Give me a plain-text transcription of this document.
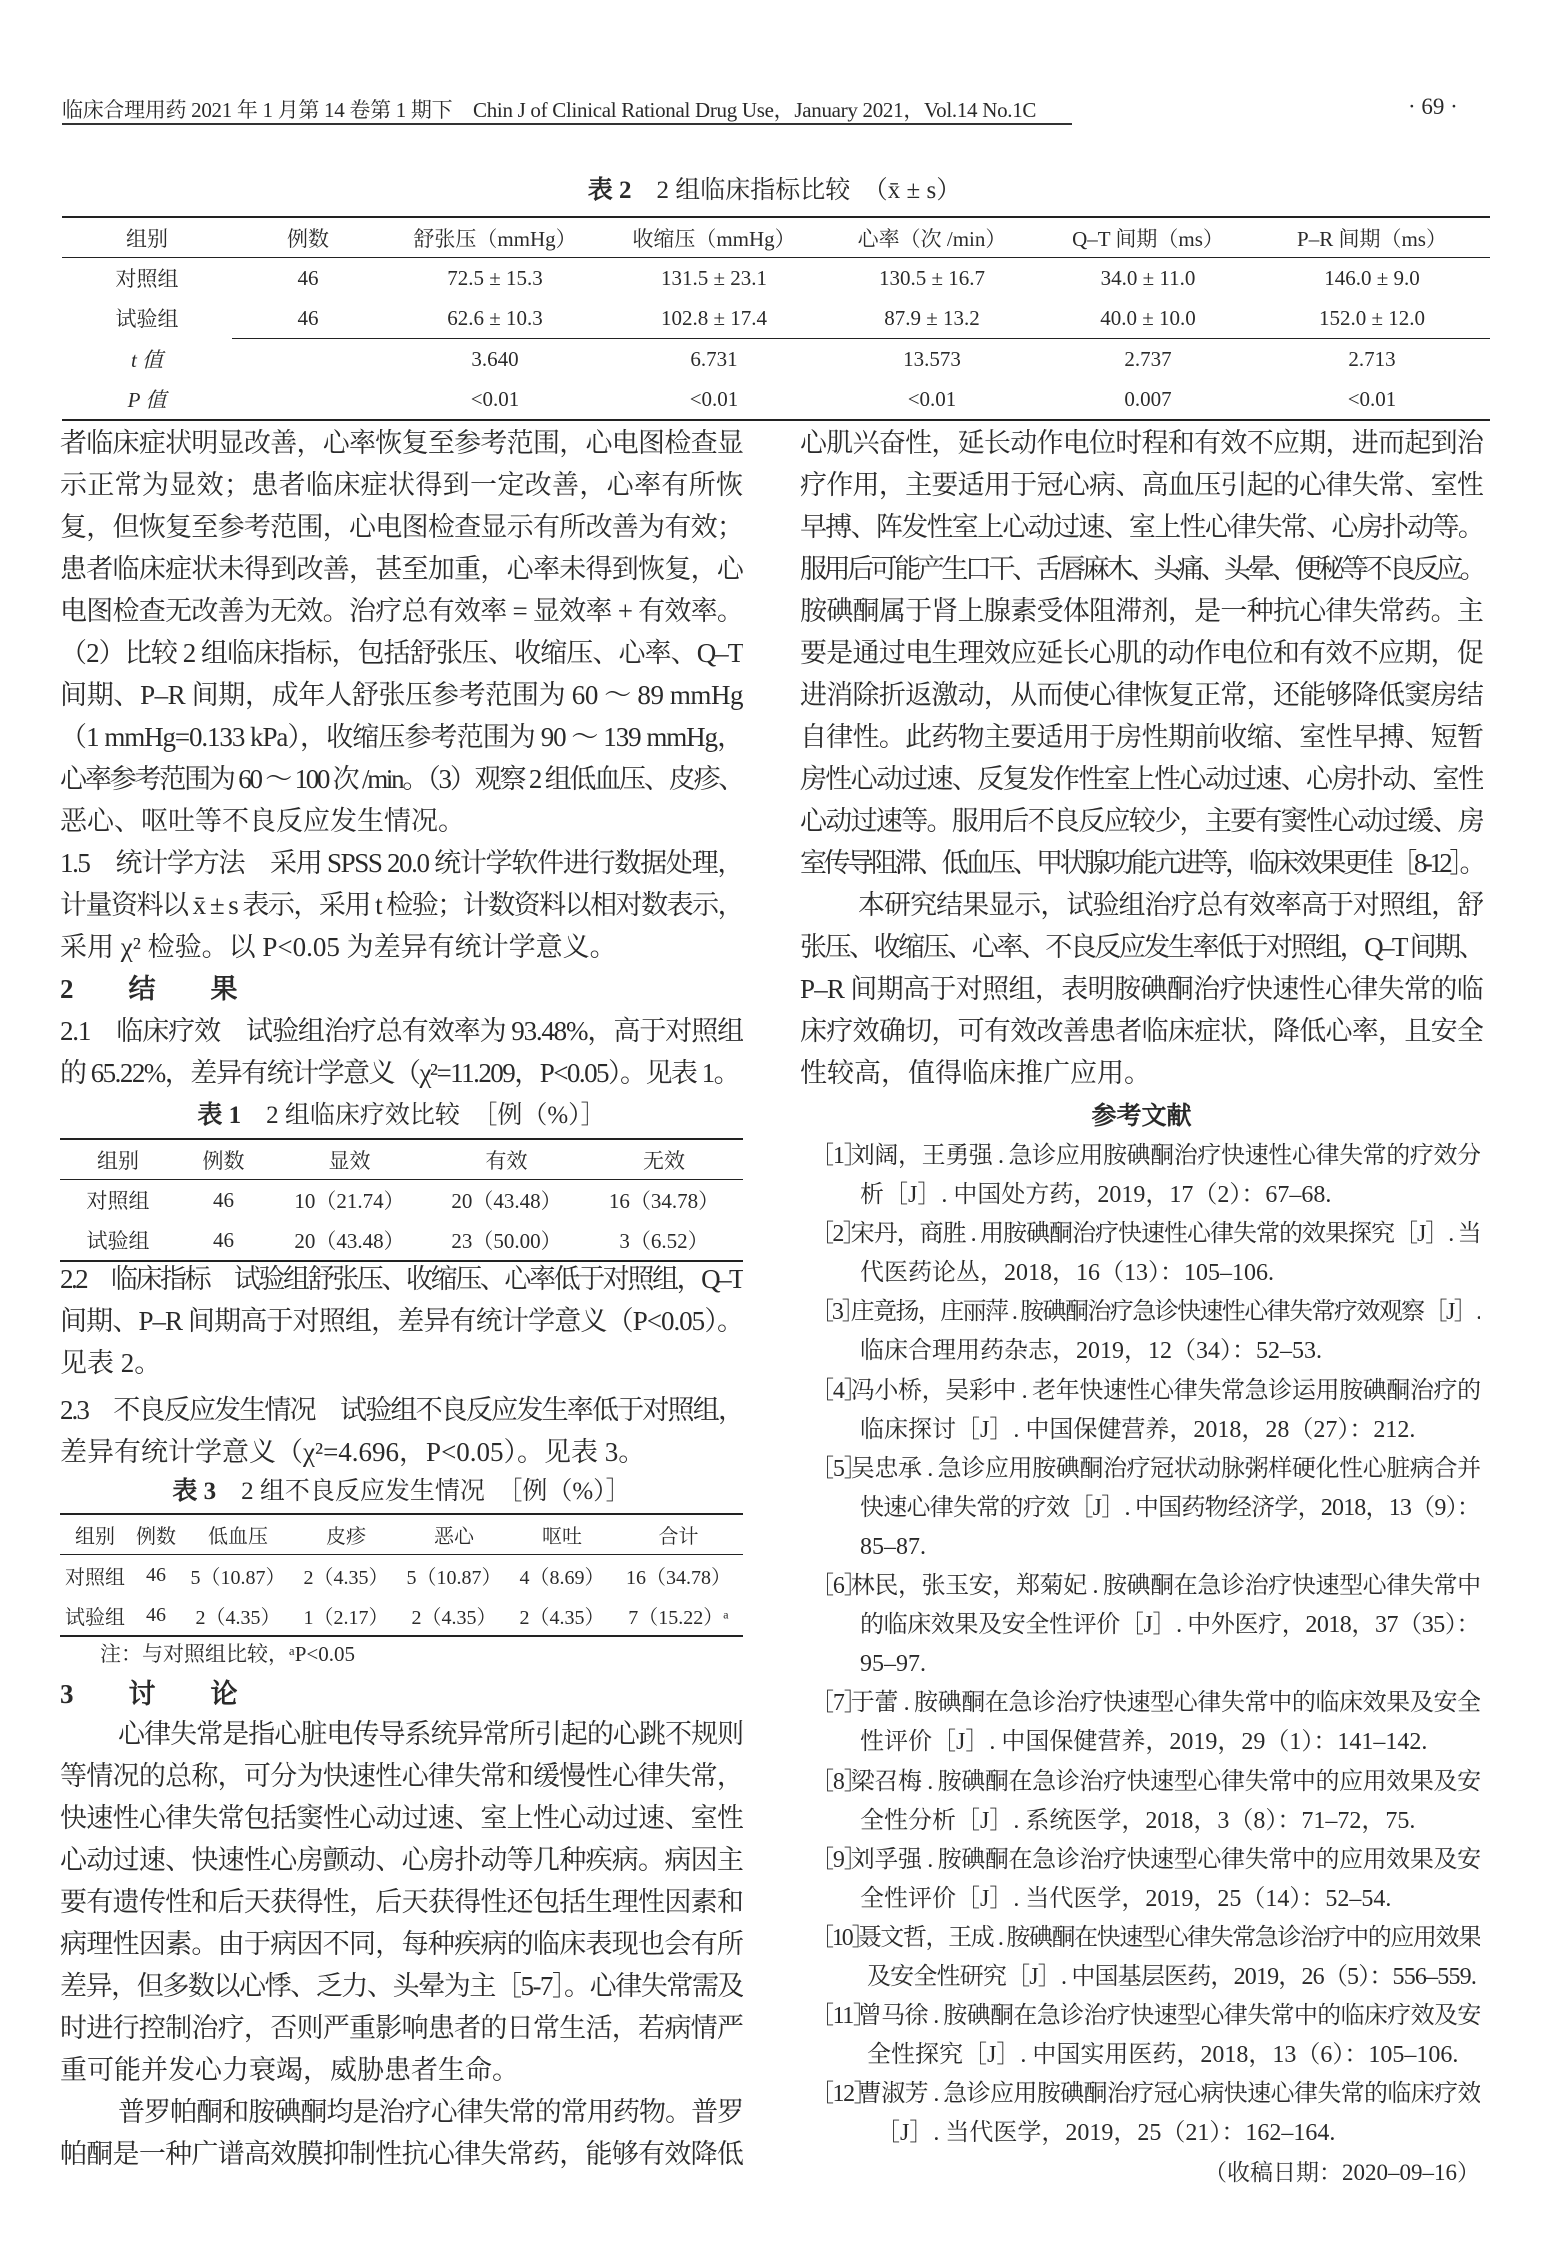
临床合理用药 2021 年 1 月第 14 卷第 1 期下　Chin J of Clinical Rational Drug Use，January 2021，Vol.14 No.1C	· 69 ·
表 2　 2 组临床指标比较　（x̄ ± s）
组别	例数	舒张压（mmHg）	收缩压（mmHg）	心率（次 /min）	Q–T 间期（ms）	P–R 间期（ms）
对照组	46	72.5 ± 15.3	131.5 ± 23.1	130.5 ± 16.7	34.0 ± 11.0	146.0 ± 9.0
试验组	46	62.6 ± 10.3	102.8 ± 17.4	87.9 ± 13.2	40.0 ± 10.0	152.0 ± 12.0
t 值		3.640	6.731	13.573	2.737	2.713
P 值		<0.01	<0.01	<0.01	0.007	<0.01
者临床症状明显改善，心率恢复至参考范围，心电图检查显
示正常为显效；患者临床症状得到一定改善，心率有所恢
复，但恢复至参考范围，心电图检查显示有所改善为有效；
患者临床症状未得到改善，甚至加重，心率未得到恢复，心
电图检查无改善为无效。治疗总有效率 = 显效率 + 有效率。
（2）比较 2 组临床指标，包括舒张压、收缩压、心率、Q–T
间期、P–R 间期，成年人舒张压参考范围为 60 ～ 89 mmHg
（1 mmHg=0.133 kPa），收缩压参考范围为 90 ～ 139 mmHg，
心率参考范围为 60 ～ 100 次 /min。（3）观察 2 组低血压、皮疹、
恶心、呕吐等不良反应发生情况。
1.5　统计学方法　采用 SPSS 20.0 统计学软件进行数据处理，
计量资料以 x̄ ± s 表示，采用 t 检验；计数资料以相对数表示，
采用 χ² 检验。以 P<0.05 为差异有统计学意义。
2　结　果
2.1　临床疗效　试验组治疗总有效率为 93.48%，高于对照组
的 65.22%，差异有统计学意义（χ²=11.209，P<0.05）。见表 1。
表 1　 2 组临床疗效比较　［例（%）］
组别	例数	显效	有效	无效
对照组	46	10（21.74）	20（43.48）	16（34.78）
试验组	46	20（43.48）	23（50.00）	3（6.52）
2.2　临床指标　试验组舒张压、收缩压、心率低于对照组，Q–T
间期、P–R 间期高于对照组，差异有统计学意义（P<0.05）。
见表 2。
2.3　不良反应发生情况　试验组不良反应发生率低于对照组，
差异有统计学意义（χ²=4.696，P<0.05）。见表 3。
表 3　 2 组不良反应发生情况　［例（%）］
组别	例数	低血压	皮疹	恶心	呕吐	合计
对照组	46	5（10.87）	2（4.35）	5（10.87）	4（8.69）	16（34.78）
试验组	46	2（4.35）	1（2.17）	2（4.35）	2（4.35）	7（15.22）ᵃ
注：与对照组比较，ᵃP<0.05
3　讨　论
心律失常是指心脏电传导系统异常所引起的心跳不规则
等情况的总称，可分为快速性心律失常和缓慢性心律失常，
快速性心律失常包括窦性心动过速、室上性心动过速、室性
心动过速、快速性心房颤动、心房扑动等几种疾病。病因主
要有遗传性和后天获得性，后天获得性还包括生理性因素和
病理性因素。由于病因不同，每种疾病的临床表现也会有所
差异，但多数以心悸、乏力、头晕为主［5-7］。心律失常需及
时进行控制治疗，否则严重影响患者的日常生活，若病情严
重可能并发心力衰竭，威胁患者生命。
普罗帕酮和胺碘酮均是治疗心律失常的常用药物。普罗
帕酮是一种广谱高效膜抑制性抗心律失常药，能够有效降低
心肌兴奋性，延长动作电位时程和有效不应期，进而起到治
疗作用，主要适用于冠心病、高血压引起的心律失常、室性
早搏、阵发性室上心动过速、室上性心律失常、心房扑动等。
服用后可能产生口干、舌唇麻木、头痛、头晕、便秘等不良反应。
胺碘酮属于肾上腺素受体阻滞剂，是一种抗心律失常药。主
要是通过电生理效应延长心肌的动作电位和有效不应期，促
进消除折返激动，从而使心律恢复正常，还能够降低窦房结
自律性。此药物主要适用于房性期前收缩、室性早搏、短暂
房性心动过速、反复发作性室上性心动过速、心房扑动、室性
心动过速等。服用后不良反应较少，主要有窦性心动过缓、房
室传导阻滞、低血压、甲状腺功能亢进等，临床效果更佳［8-12］。
本研究结果显示，试验组治疗总有效率高于对照组，舒
张压、收缩压、心率、不良反应发生率低于对照组，Q–T 间期、
P–R 间期高于对照组，表明胺碘酮治疗快速性心律失常的临
床疗效确切，可有效改善患者临床症状，降低心率，且安全
性较高，值得临床推广应用。
参考文献
［1］刘阔，王勇强 . 急诊应用胺碘酮治疗快速性心律失常的疗效分
析［J］. 中国处方药，2019，17（2）：67–68.
［2］宋丹，商胜 . 用胺碘酮治疗快速性心律失常的效果探究［J］. 当
代医药论丛，2018，16（13）：105–106.
［3］庄竟扬，庄丽萍 . 胺碘酮治疗急诊快速性心律失常疗效观察［J］.
临床合理用药杂志，2019，12（34）：52–53.
［4］冯小桥，吴彩中 . 老年快速性心律失常急诊运用胺碘酮治疗的
临床探讨［J］. 中国保健营养，2018，28（27）：212.
［5］吴忠承 . 急诊应用胺碘酮治疗冠状动脉粥样硬化性心脏病合并
快速心律失常的疗效［J］. 中国药物经济学，2018，13（9）：
85–87.
［6］林民，张玉安，郑菊妃 . 胺碘酮在急诊治疗快速型心律失常中
的临床效果及安全性评价［J］. 中外医疗，2018，37（35）：
95–97.
［7］于蕾 . 胺碘酮在急诊治疗快速型心律失常中的临床效果及安全
性评价［J］. 中国保健营养，2019，29（1）：141–142.
［8］梁召梅 . 胺碘酮在急诊治疗快速型心律失常中的应用效果及安
全性分析［J］. 系统医学，2018，3（8）：71–72，75.
［9］刘孚强 . 胺碘酮在急诊治疗快速型心律失常中的应用效果及安
全性评价［J］. 当代医学，2019，25（14）：52–54.
［10］聂文哲，王成 . 胺碘酮在快速型心律失常急诊治疗中的应用效果
及安全性研究［J］. 中国基层医药，2019，26（5）：556–559.
［11］曾马徐 . 胺碘酮在急诊治疗快速型心律失常中的临床疗效及安
全性探究［J］. 中国实用医药，2018，13（6）：105–106.
［12］曹淑芳 . 急诊应用胺碘酮治疗冠心病快速心律失常的临床疗效
［J］. 当代医学，2019，25（21）：162–164.
（收稿日期：2020–09–16）
